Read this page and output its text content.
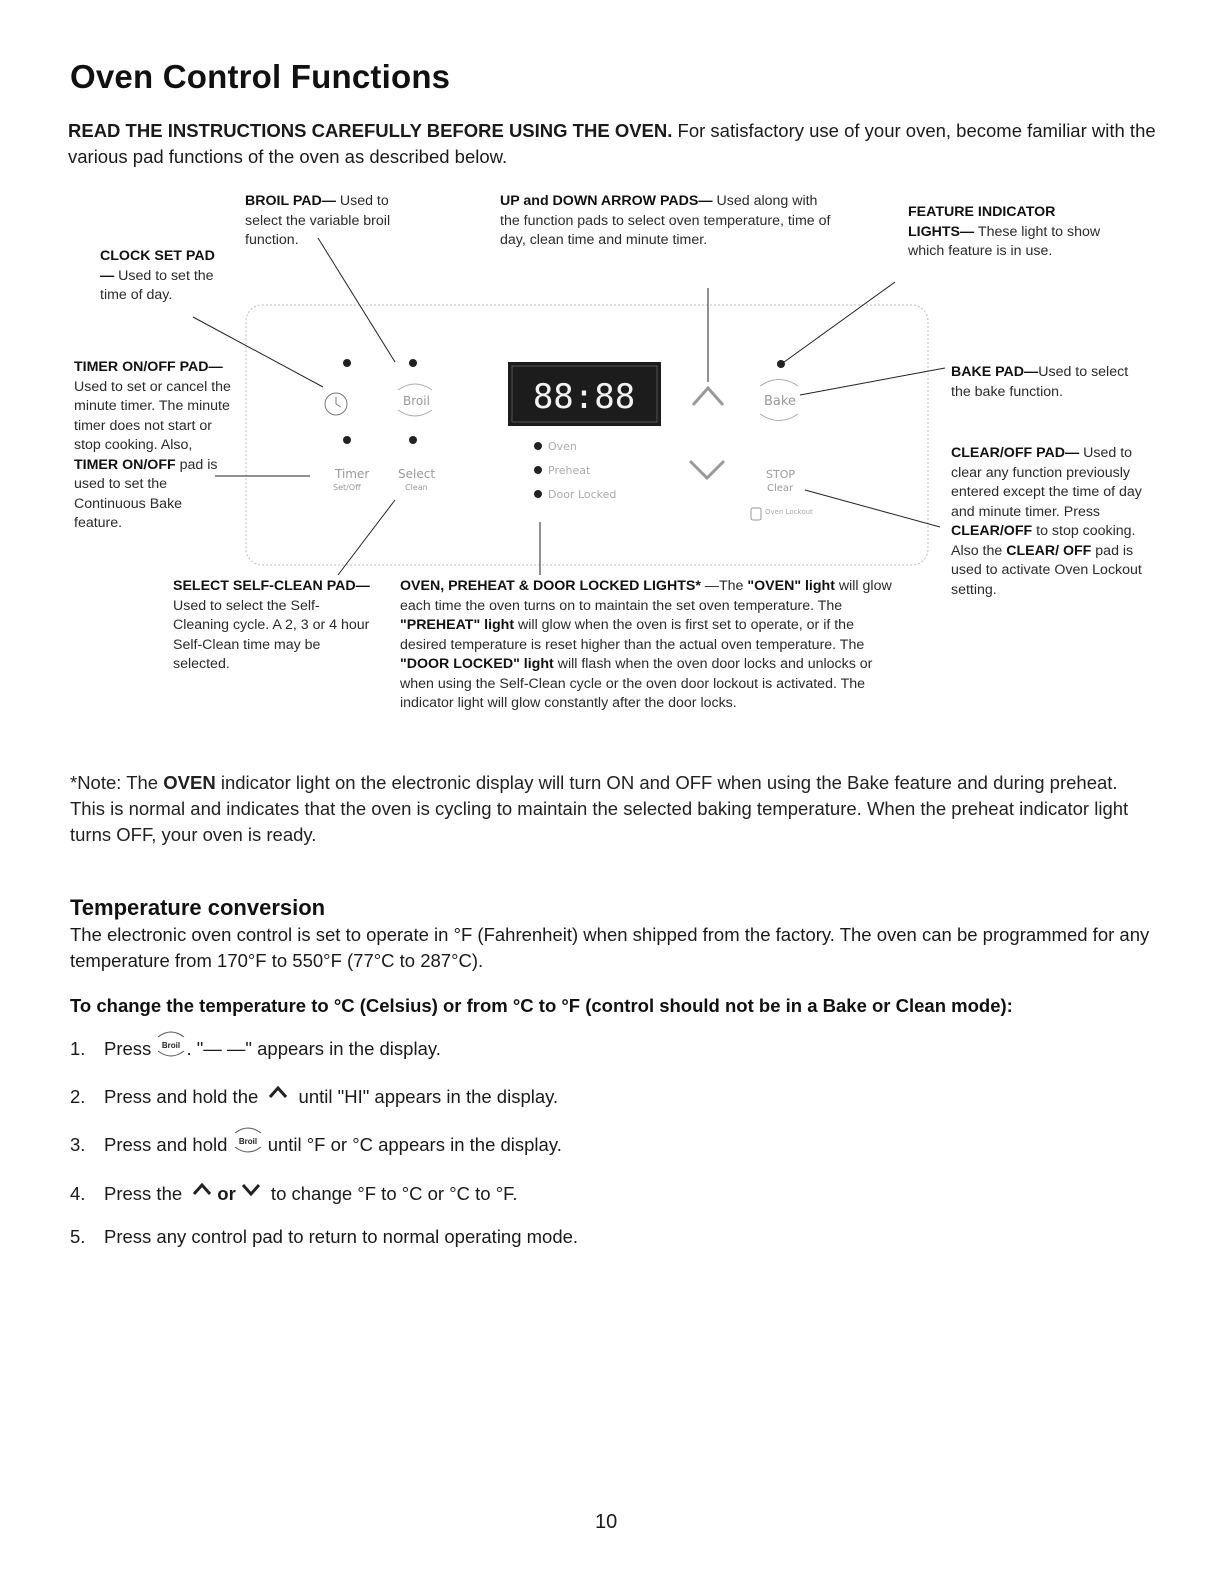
Oven Control Functions
READ THE INSTRUCTIONS CAREFULLY BEFORE USING THE OVEN. For satisfactory use of your oven, become familiar with the various pad functions of the oven as described below.
BROIL PAD— Used to select the variable broil function.
UP and DOWN ARROW PADS— Used along with the function pads to select oven temperature, time of day, clean time and minute timer.
FEATURE INDICATOR LIGHTS— These light to show which feature is in use.
CLOCK SET PAD— Used to set the time of day.
TIMER ON/OFF PAD— Used to set or cancel the minute timer. The minute timer does not start or stop cooking. Also, TIMER ON/OFF pad is used to set the Continuous Bake feature.
BAKE PAD—Used to select the bake function.
CLEAR/OFF PAD— Used to clear any function previously entered except the time of day and minute timer. Press CLEAR/OFF to stop cooking. Also the CLEAR/ OFF pad is used to activate Oven Lockout setting.
SELECT SELF-CLEAN PAD— Used to select the Self-Cleaning cycle. A 2, 3 or 4 hour Self-Clean time may be selected.
OVEN, PREHEAT & DOOR LOCKED LIGHTS* —The "OVEN" light will glow each time the oven turns on to maintain the set oven temperature. The "PREHEAT" light will glow when the oven is first set to operate, or if the desired temperature is reset higher than the actual oven temperature. The "DOOR LOCKED" light will flash when the oven door locks and unlocks or when using the Self-Clean cycle or the oven door lockout is activated. The indicator light will glow constantly after the door locks.
Broil
Timer
Set/Off
Select
Clean
88:88
Oven
Preheat
Door Locked
Bake
STOP
Clear
Oven Lockout
*Note: The OVEN indicator light on the electronic display will turn ON and OFF when using the Bake feature and during preheat. This is normal and indicates that the oven is cycling to maintain the selected baking temperature. When the preheat indicator light turns OFF, your oven is ready.
Temperature conversion
The electronic oven control is set to operate in °F (Fahrenheit) when shipped from the factory. The oven can be programmed for any temperature from 170°F to 550°F (77°C to 287°C).
To change the temperature to °C (Celsius) or from °C to °F (control should not be in a Bake or Clean mode):
1. Press Broil . "— —" appears in the display.
2. Press and hold the
until "HI" appears in the display.
3. Press and hold Broil until °F or °C appears in the display.
4. Press the
or
to change °F to °C or °C to °F.
5. Press any control pad to return to normal operating mode.
10
